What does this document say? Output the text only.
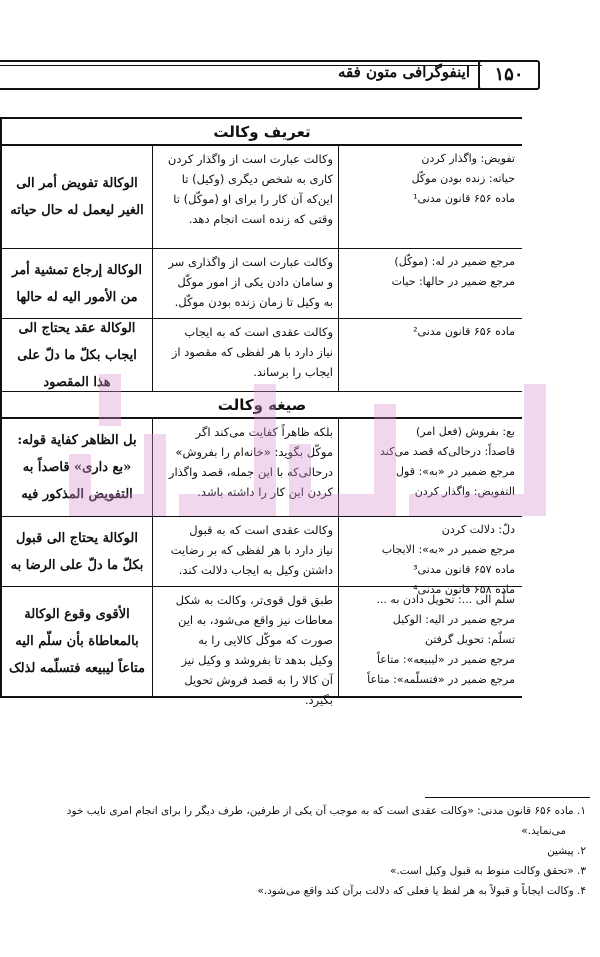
اینفوگرافی متون فقه	۱۵۰
تعریف وکالت
الوکالة تفویض أمر الی الغیر لیعمل له حال حیاته
وکالت عبارت است از واگذار کردن
کاری به شخص دیگری (وکیل) تا
این‌که آن کار را برای او (موکّل) تا
وقتی که زنده است انجام دهد.
تفویض: واگذار کردن
حیاته: زنده بودن موکّل
ماده ۶۵۶ قانون مدنی¹
الوکالة إرجاع تمشیة أمر من الأمور الیه له حالها
وکالت عبارت است از واگذاری سر
و سامان دادن یکی از امور موکّل
به وکیل تا زمان زنده بودن موکّل.
مرجع ضمیر در له: (موکّل)
مرجع ضمیر در حالها: حیات
الوکالة عقد یحتاج الی ایجاب بکلّ ما دلّ علی هذا المقصود
وکالت عقدی است که به ایجاب
نیاز دارد با هر لفظی که مقصود از
ایجاب را برساند.
ماده ۶۵۶ قانون مدنی²
صیغه وکالت
بل الظاهر کفایة قوله: «بع داری» قاصداً به التفویض المذکور فیه
بلکه ظاهراً کفایت می‌کند اگر
موکّل بگوید: «خانه‌ام را بفروش»
درحالی‌که با این جمله، قصد واگذار
کردن این کار را داشته باشد.
بع: بفروش (فعل امر)
قاصداً: درحالی‌که قصد می‌کند
مرجع ضمیر در «به»: قول
التفویض: واگذار کردن
الوکالة یحتاج الی قبول بکلّ ما دلّ علی الرضا به
وکالت عقدی است که به قبول
نیاز دارد با هر لفظی که بر رضایت
داشتن وکیل به ایجاب دلالت کند.
دلّ: دلالت کردن
مرجع ضمیر در «به»: الایجاب
ماده ۶۵۷ قانون مدنی³
ماده ۶۵۸ قانون مدنی⁴
الأقوی وقوع الوکالة بالمعاطاة بأن سلّم الیه متاعاً لیبیعه فتسلّمه لذلک
طبق قول قوی‌تر، وکالت به شکل
معاطات نیز واقع می‌شود، به این
صورت که موکّل کالایی را به
وکیل بدهد تا بفروشد و وکیل نیز
آن کالا را به قصد فروش تحویل
بگیرد.
سلّم الی ...: تحویل دادن به ...
مرجع ضمیر در الیه: الوکیل
تسلّم: تحویل گرفتن
مرجع ضمیر در «لیبیعه»: متاعاً
مرجع ضمیر در «فتسلّمه»: متاعاً
۱. ماده ۶۵۶ قانون مدنی: «وکالت عقدی است که به موجب آن یکی از طرفین، طرف دیگر را برای انجام امری نایب خود
می‌نماید.»
۲. پیشین
۳. «تحقق وکالت منوط به قبول وکیل است.»
۴. وکالت ایجاباً و قبولاً به هر لفظ یا فعلی که دلالت برآن کند واقع می‌شود.»
